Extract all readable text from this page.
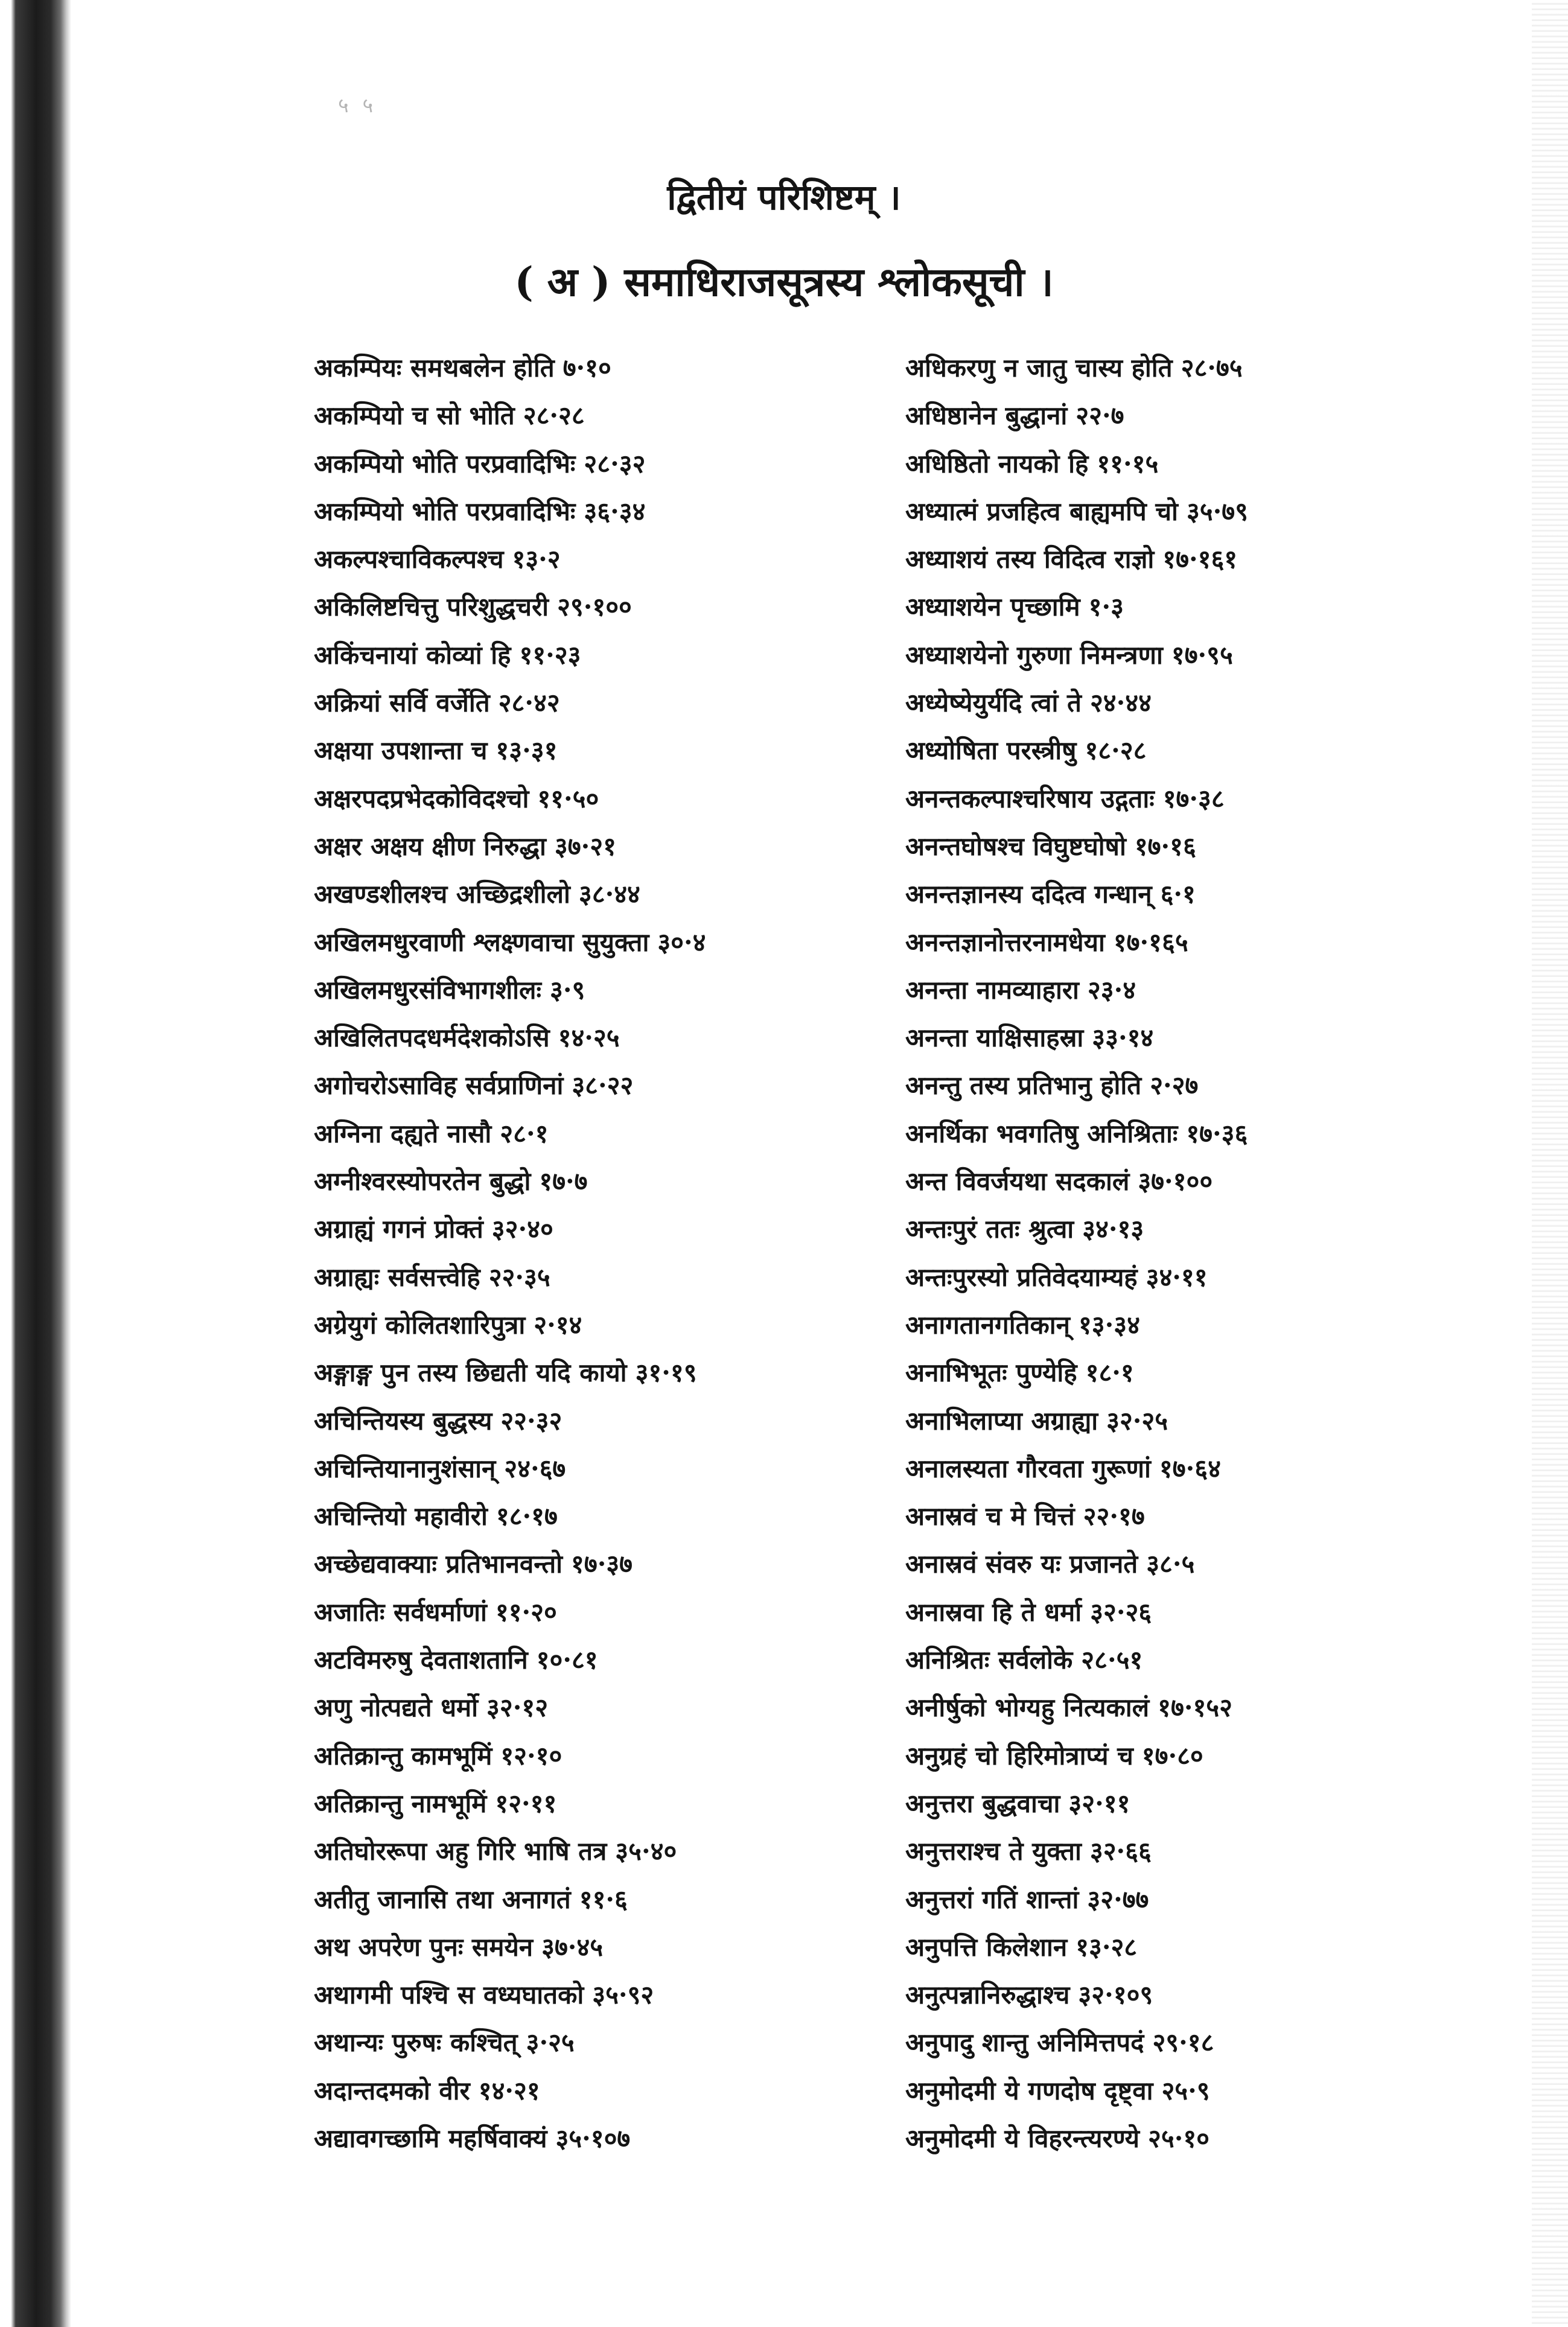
५ ५
द्वितीयं परिशिष्टम् ।
( अ ) समाधिराजसूत्रस्य श्लोकसूची ।
अकम्पियः समथबलेन होति ७·१०
अकम्पियो च सो भोति २८·२८
अकम्पियो भोति परप्रवादिभिः २८·३२
अकम्पियो भोति परप्रवादिभिः ३६·३४
अकल्पश्चाविकल्पश्च १३·२
अकिलिष्टचित्तु परिशुद्धचरी २९·१००
अकिंचनायां कोव्यां हि ११·२३
अक्रियां सर्वि वर्जेति २८·४२
अक्षया उपशान्ता च १३·३१
अक्षरपदप्रभेदकोविदश्चो ११·५०
अक्षर अक्षय क्षीण निरुद्धा ३७·२१
अखण्डशीलश्च अच्छिद्रशीलो ३८·४४
अखिलमधुरवाणी श्लक्ष्णवाचा सुयुक्ता ३०·४
अखिलमधुरसंविभागशीलः ३·९
अखिलितपदधर्मदेशकोऽसि १४·२५
अगोचरोऽसाविह सर्वप्राणिनां ३८·२२
अग्निना दह्यते नासौ २८·१
अग्नीश्वरस्योपरतेन बुद्धो १७·७
अग्राह्यं गगनं प्रोक्तं ३२·४०
अग्राह्यः सर्वसत्त्वेहि २२·३५
अग्रेयुगं कोलितशारिपुत्रा २·१४
अङ्गाङ्ग पुन तस्य छिद्यती यदि कायो ३१·१९
अचिन्तियस्य बुद्धस्य २२·३२
अचिन्तियानानुशंसान् २४·६७
अचिन्तियो महावीरो १८·१७
अच्छेद्यवाक्याः प्रतिभानवन्तो १७·३७
अजातिः सर्वधर्माणां ११·२०
अटविमरुषु देवताशतानि १०·८१
अणु नोत्पद्यते धर्मो ३२·१२
अतिक्रान्तु कामभूमिं १२·१०
अतिक्रान्तु नामभूमिं १२·११
अतिघोररूपा अहु गिरि भाषि तत्र ३५·४०
अतीतु जानासि तथा अनागतं ११·६
अथ अपरेण पुनः समयेन ३७·४५
अथागमी पश्चि स वध्यघातको ३५·९२
अथान्यः पुरुषः कश्चित् ३·२५
अदान्तदमको वीर १४·२१
अद्यावगच्छामि महर्षिवाक्यं ३५·१०७
अधिकरणु न जातु चास्य होति २८·७५
अधिष्ठानेन बुद्धानां २२·७
अधिष्ठितो नायको हि ११·१५
अध्यात्मं प्रजहित्व बाह्यमपि चो ३५·७९
अध्याशयं तस्य विदित्व राज्ञो १७·१६१
अध्याशयेन पृच्छामि १·३
अध्याशयेनो गुरुणा निमन्त्रणा १७·९५
अध्येष्येयुर्यदि त्वां ते २४·४४
अध्योषिता परस्त्रीषु १८·२८
अनन्तकल्पाश्चरिषाय उद्गताः १७·३८
अनन्तघोषश्च विघुष्टघोषो १७·१६
अनन्तज्ञानस्य ददित्व गन्धान् ६·१
अनन्तज्ञानोत्तरनामधेया १७·१६५
अनन्ता नामव्याहारा २३·४
अनन्ता याक्षिसाहस्रा ३३·१४
अनन्तु तस्य प्रतिभानु होति २·२७
अनर्थिका भवगतिषु अनिश्रिताः १७·३६
अन्त विवर्जयथा सदकालं ३७·१००
अन्तःपुरं ततः श्रुत्वा ३४·१३
अन्तःपुरस्यो प्रतिवेदयाम्यहं ३४·११
अनागतानगतिकान् १३·३४
अनाभिभूतः पुण्येहि १८·१
अनाभिलाप्या अग्राह्या ३२·२५
अनालस्यता गौरवता गुरूणां १७·६४
अनास्रवं च मे चित्तं २२·१७
अनास्रवं संवरु यः प्रजानते ३८·५
अनास्रवा हि ते धर्मा ३२·२६
अनिश्रितः सर्वलोके २८·५१
अनीर्षुको भोग्यहु नित्यकालं १७·१५२
अनुग्रहं चो हिरिमोत्राप्यं च १७·८०
अनुत्तरा बुद्धवाचा ३२·११
अनुत्तराश्च ते युक्ता ३२·६६
अनुत्तरां गतिं शान्तां ३२·७७
अनुपत्ति किलेशान १३·२८
अनुत्पन्नानिरुद्धाश्च ३२·१०९
अनुपादु शान्तु अनिमित्तपदं २९·१८
अनुमोदमी ये गणदोष दृष्ट्वा २५·९
अनुमोदमी ये विहरन्त्यरण्ये २५·१०
